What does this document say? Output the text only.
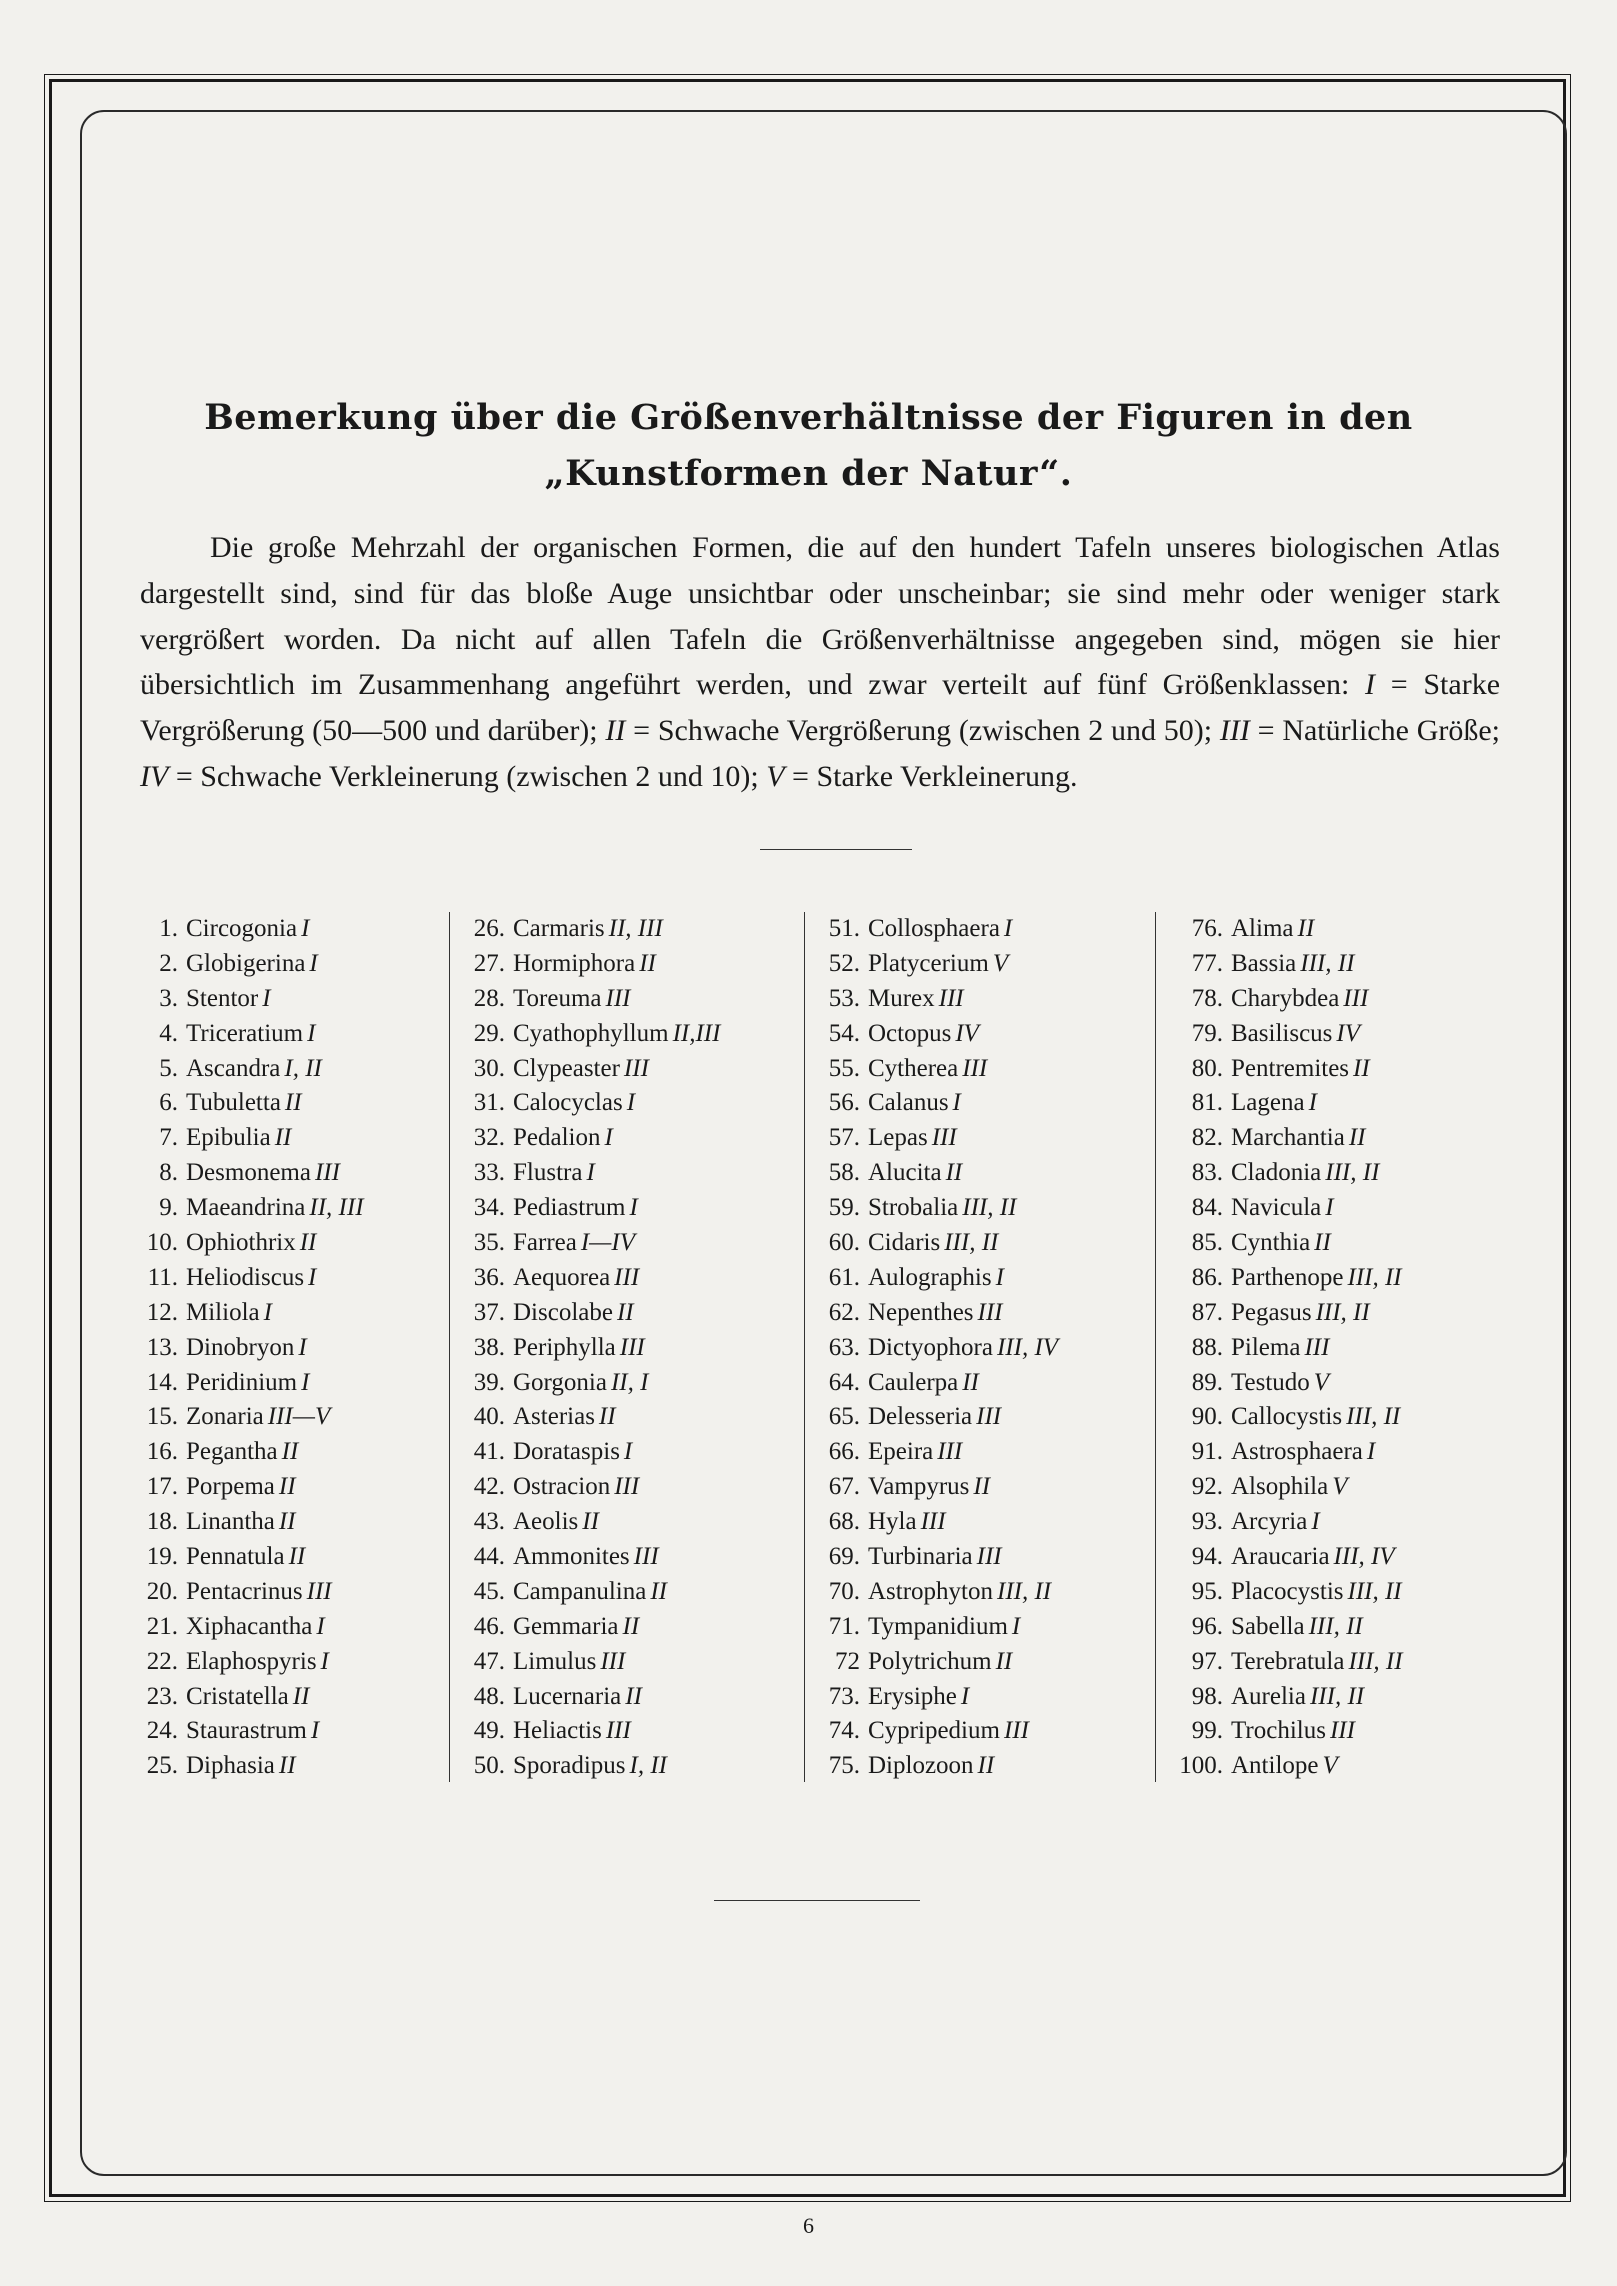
Bemerkung über die Größenverhältnisse der Figuren in den
„Kunstformen der Natur“.

Die große Mehrzahl der organischen Formen, die auf den hundert Tafeln unseres biologischen Atlas dargestellt sind, sind für das bloße Auge unsichtbar oder unscheinbar; sie sind mehr oder weniger stark vergrößert worden. Da nicht auf allen Tafeln die Größenverhältnisse angegeben sind, mögen sie hier übersichtlich im Zusammenhang angeführt werden, und zwar verteilt auf fünf Größenklassen: I = Starke Vergrößerung (50—500 und darüber); II = Schwache Vergrößerung (zwischen 2 und 50); III = Natürliche Größe; IV = Schwache Verkleinerung (zwischen 2 und 10); V = Starke Verkleinerung.

1. Circogonia I
2. Globigerina I
3. Stentor I
4. Triceratium I
5. Ascandra I, II
6. Tubuletta II
7. Epibulia II
8. Desmonema III
9. Maeandrina II, III
10. Ophiothrix II
11. Heliodiscus I
12. Miliola I
13. Dinobryon I
14. Peridinium I
15. Zonaria III—V
16. Pegantha II
17. Porpema II
18. Linantha II
19. Pennatula II
20. Pentacrinus III
21. Xiphacantha I
22. Elaphospyris I
23. Cristatella II
24. Staurastrum I
25. Diphasia II
26. Carmaris II, III
27. Hormiphora II
28. Toreuma III
29. Cyathophyllum II,III
30. Clypeaster III
31. Calocyclas I
32. Pedalion I
33. Flustra I
34. Pediastrum I
35. Farrea I—IV
36. Aequorea III
37. Discolabe II
38. Periphylla III
39. Gorgonia II, I
40. Asterias II
41. Dorataspis I
42. Ostracion III
43. Aeolis II
44. Ammonites III
45. Campanulina II
46. Gemmaria II
47. Limulus III
48. Lucernaria II
49. Heliactis III
50. Sporadipus I, II
51. Collosphaera I
52. Platycerium V
53. Murex III
54. Octopus IV
55. Cytherea III
56. Calanus I
57. Lepas III
58. Alucita II
59. Strobalia III, II
60. Cidaris III, II
61. Aulographis I
62. Nepenthes III
63. Dictyophora III, IV
64. Caulerpa II
65. Delesseria III
66. Epeira III
67. Vampyrus II
68. Hyla III
69. Turbinaria III
70. Astrophyton III, II
71. Tympanidium I
72 Polytrichum II
73. Erysiphe I
74. Cypripedium III
75. Diplozoon II
76. Alima II
77. Bassia III, II
78. Charybdea III
79. Basiliscus IV
80. Pentremites II
81. Lagena I
82. Marchantia II
83. Cladonia III, II
84. Navicula I
85. Cynthia II
86. Parthenope III, II
87. Pegasus III, II
88. Pilema III
89. Testudo V
90. Callocystis III, II
91. Astrosphaera I
92. Alsophila V
93. Arcyria I
94. Araucaria III, IV
95. Placocystis III, II
96. Sabella III, II
97. Terebratula III, II
98. Aurelia III, II
99. Trochilus III
100. Antilope V
6
